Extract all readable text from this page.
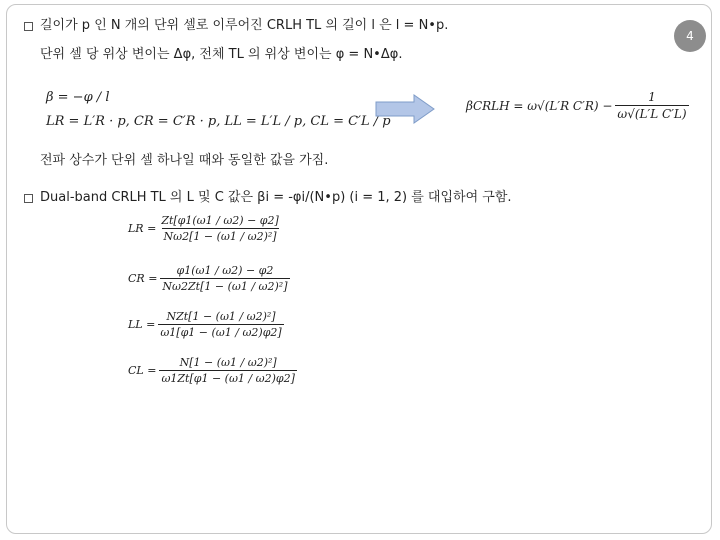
4
길이가 p 인 N 개의 단위 셀로 이루어진 CRLH TL 의 길이 l 은 l = N•p.
단위 셀 당 위상 변이는 Δφ, 전체 TL 의 위상 변이는 φ = N•Δφ.
β = −φ / l
LR = L′R · p, CR = C′R · p, LL = L′L / p, CL = C′L / p
βCRLH = ω√(L′R $C'R) - \frac{1}{\text{ω√(L′L C′L)}}$
전파 상수가 단위 셀 하나일 때와 동일한 값을 가짐.
Dual-band CRLH TL 의 L 및 C 값은 βi = -φi/(N•p) (i = 1, 2) 를 대입하여 구함.
LR = $\frac{Zt[\varphi 1(\omega 1 / \omega 2) - \varphi 2]}{\text{Nω2[1 − (ω1 / ω2)²]}}$
CR = $\frac{\varphi 1(\omega 1 / \omega 2) - \varphi 2}{\text{Nω2Zt[1 − (ω1 / ω2)²]}}$
LL = $\frac{\text{NZt[1 − (ω1 / ω2)²]}}{\omega 1[\varphi 1 - (\omega 1 / \omega 2)\varphi 2]}$
CL = $\frac{\text{N[1 − (ω1 / ω2)²]}}{\omega 1Zt[\varphi 1 - (\omega 1 / \omega 2)\varphi 2]}$
